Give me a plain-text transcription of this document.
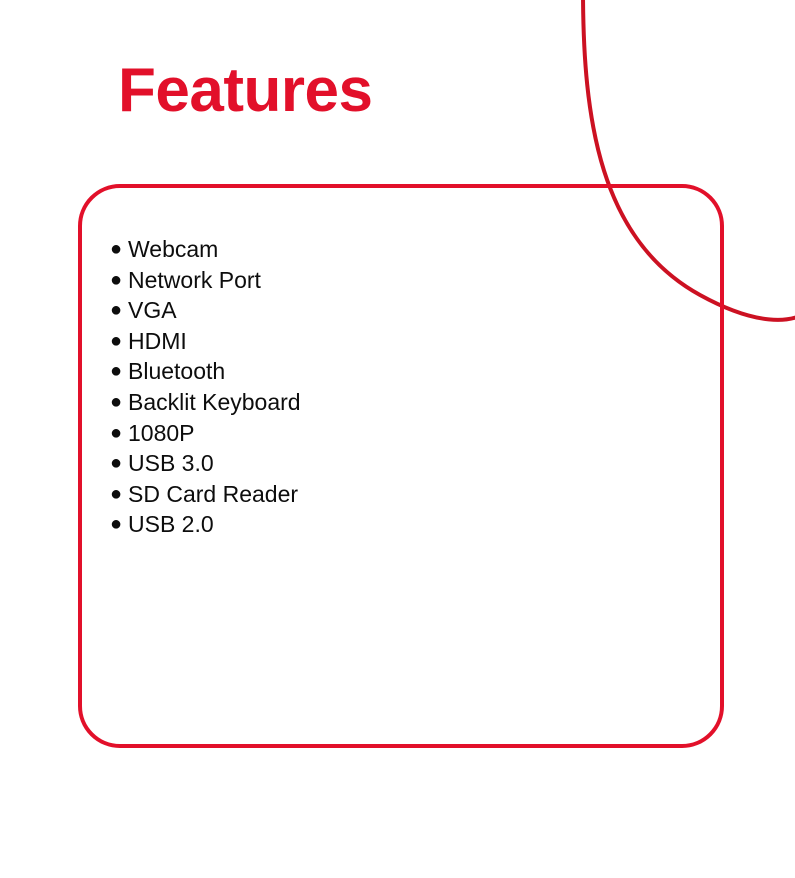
Features
● Webcam
● Network Port
● VGA
● HDMI
● Bluetooth
● Backlit Keyboard
● 1080P
● USB 3.0
● SD Card Reader
● USB 2.0
